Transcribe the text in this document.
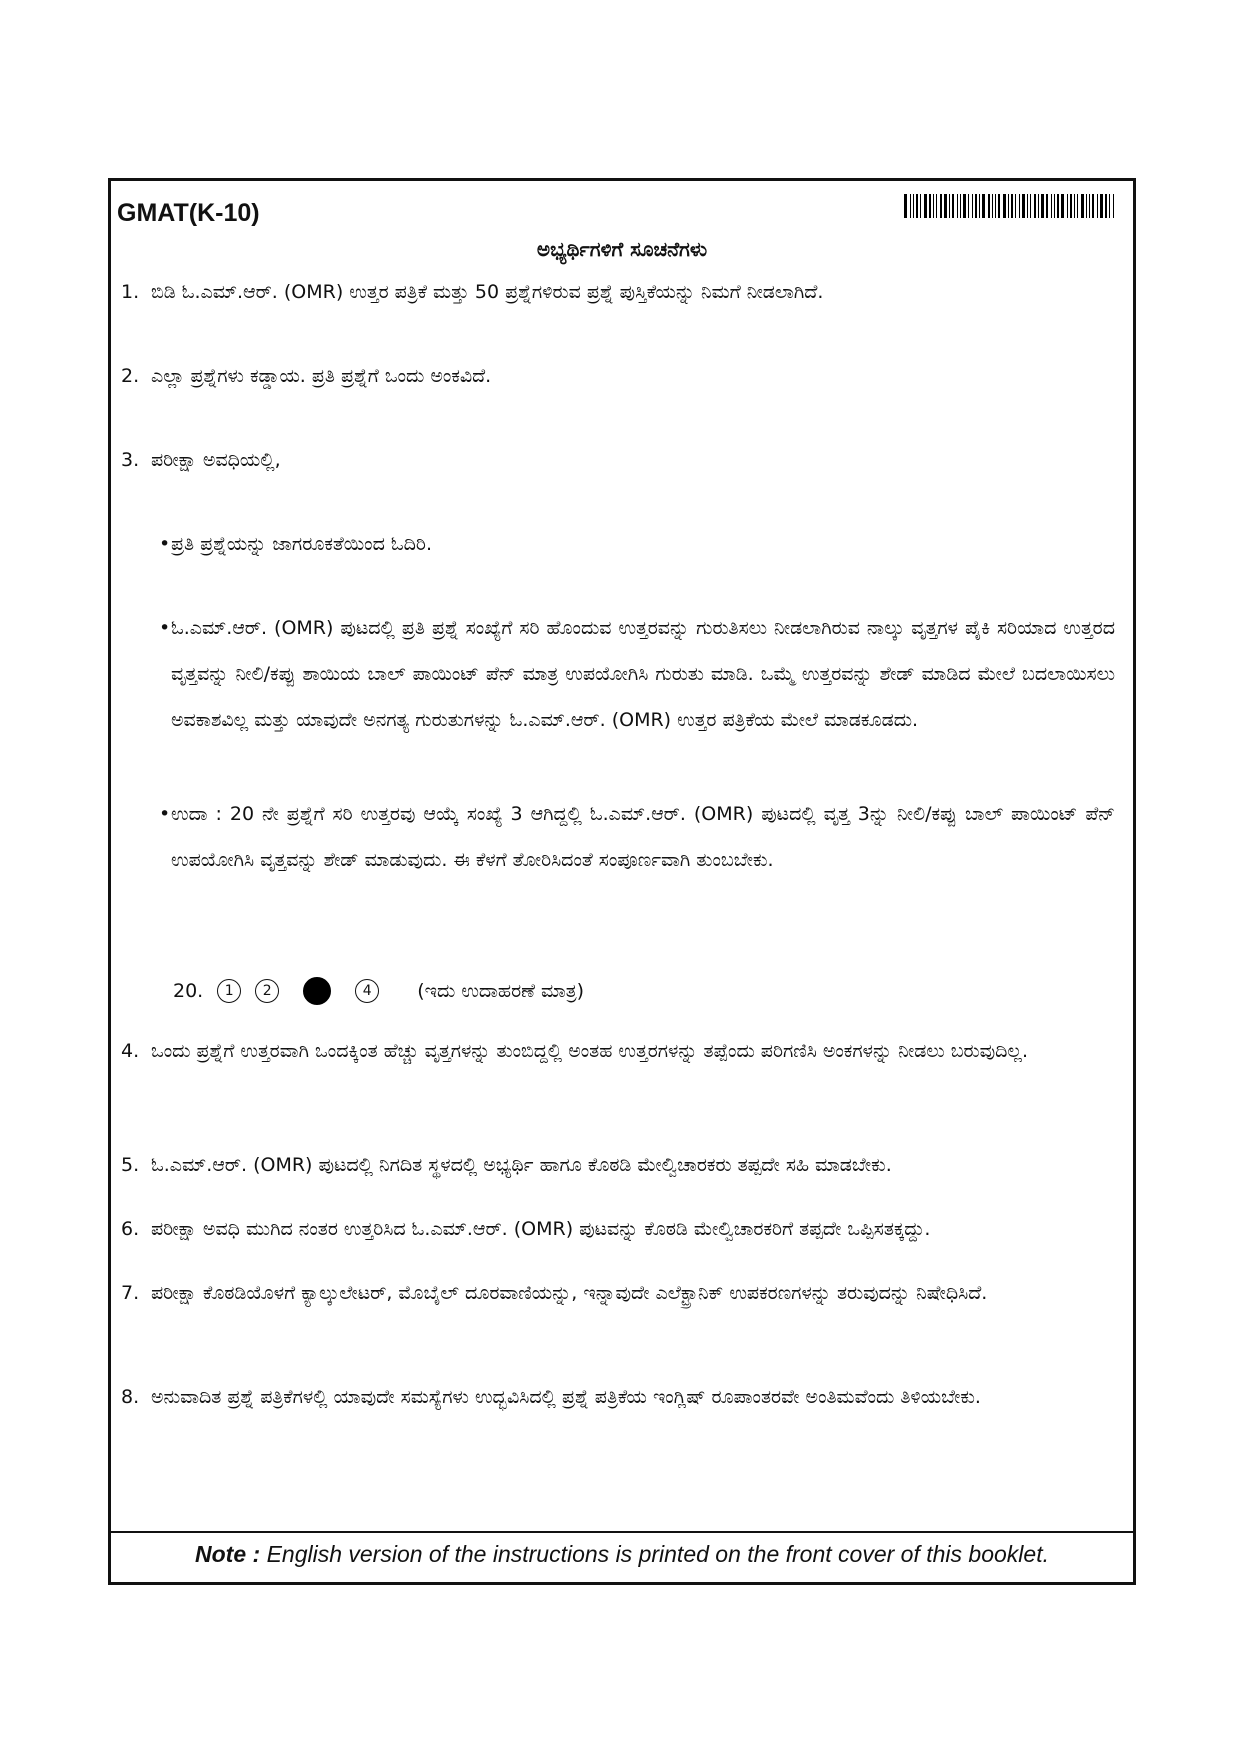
GMAT(K-10)
ಅಭ್ಯರ್ಥಿಗಳಿಗೆ ಸೂಚನೆಗಳು
1. ಬಿಡಿ ಓ.ಎಮ್.ಆರ್. (OMR) ಉತ್ತರ ಪತ್ರಿಕೆ ಮತ್ತು 50 ಪ್ರಶ್ನೆಗಳಿರುವ ಪ್ರಶ್ನೆ ಪುಸ್ತಿಕೆಯನ್ನು ನಿಮಗೆ ನೀಡಲಾಗಿದೆ.
2. ಎಲ್ಲಾ ಪ್ರಶ್ನೆಗಳು ಕಡ್ಡಾಯ. ಪ್ರತಿ ಪ್ರಶ್ನೆಗೆ ಒಂದು ಅಂಕವಿದೆ.
3. ಪರೀಕ್ಷಾ ಅವಧಿಯಲ್ಲಿ,
• ಪ್ರತಿ ಪ್ರಶ್ನೆಯನ್ನು ಜಾಗರೂಕತೆಯಿಂದ ಓದಿರಿ.
• ಓ.ಎಮ್.ಆರ್. (OMR) ಪುಟದಲ್ಲಿ ಪ್ರತಿ ಪ್ರಶ್ನೆ ಸಂಖ್ಯೆಗೆ ಸರಿ ಹೊಂದುವ ಉತ್ತರವನ್ನು ಗುರುತಿಸಲು ನೀಡಲಾಗಿರುವ ನಾಲ್ಕು ವೃತ್ತಗಳ ಪೈಕಿ ಸರಿಯಾದ ಉತ್ತರದ ವೃತ್ತವನ್ನು ನೀಲಿ/ಕಪ್ಪು ಶಾಯಿಯ ಬಾಲ್ ಪಾಯಿಂಟ್ ಪೆನ್ ಮಾತ್ರ ಉಪಯೋಗಿಸಿ ಗುರುತು ಮಾಡಿ. ಒಮ್ಮೆ ಉತ್ತರವನ್ನು ಶೇಡ್ ಮಾಡಿದ ಮೇಲೆ ಬದಲಾಯಿಸಲು ಅವಕಾಶವಿಲ್ಲ ಮತ್ತು ಯಾವುದೇ ಅನಗತ್ಯ ಗುರುತುಗಳನ್ನು ಓ.ಎಮ್.ಆರ್. (OMR) ಉತ್ತರ ಪತ್ರಿಕೆಯ ಮೇಲೆ ಮಾಡಕೂಡದು.
• ಉದಾ : 20 ನೇ ಪ್ರಶ್ನೆಗೆ ಸರಿ ಉತ್ತರವು ಆಯ್ಕೆ ಸಂಖ್ಯೆ 3 ಆಗಿದ್ದಲ್ಲಿ ಓ.ಎಮ್.ಆರ್. (OMR) ಪುಟದಲ್ಲಿ ವೃತ್ತ 3ನ್ನು ನೀಲಿ/ಕಪ್ಪು ಬಾಲ್ ಪಾಯಿಂಟ್ ಪೆನ್ ಉಪಯೋಗಿಸಿ ವೃತ್ತವನ್ನು ಶೇಡ್ ಮಾಡುವುದು. ಈ ಕೆಳಗೆ ತೋರಿಸಿದಂತೆ ಸಂಪೂರ್ಣವಾಗಿ ತುಂಬಬೇಕು.
20.	1	2	4	(ಇದು ಉದಾಹರಣೆ ಮಾತ್ರ)
4. ಒಂದು ಪ್ರಶ್ನೆಗೆ ಉತ್ತರವಾಗಿ ಒಂದಕ್ಕಿಂತ ಹೆಚ್ಚು ವೃತ್ತಗಳನ್ನು ತುಂಬಿದ್ದಲ್ಲಿ ಅಂತಹ ಉತ್ತರಗಳನ್ನು ತಪ್ಪೆಂದು ಪರಿಗಣಿಸಿ ಅಂಕಗಳನ್ನು ನೀಡಲು ಬರುವುದಿಲ್ಲ.
5. ಓ.ಎಮ್.ಆರ್. (OMR) ಪುಟದಲ್ಲಿ ನಿಗದಿತ ಸ್ಥಳದಲ್ಲಿ ಅಭ್ಯರ್ಥಿ ಹಾಗೂ ಕೊಠಡಿ ಮೇಲ್ವಿಚಾರಕರು ತಪ್ಪದೇ ಸಹಿ ಮಾಡಬೇಕು.
6. ಪರೀಕ್ಷಾ ಅವಧಿ ಮುಗಿದ ನಂತರ ಉತ್ತರಿಸಿದ ಓ.ಎಮ್.ಆರ್. (OMR) ಪುಟವನ್ನು ಕೊಠಡಿ ಮೇಲ್ವಿಚಾರಕರಿಗೆ ತಪ್ಪದೇ ಒಪ್ಪಿಸತಕ್ಕದ್ದು.
7. ಪರೀಕ್ಷಾ ಕೊಠಡಿಯೊಳಗೆ ಕ್ಯಾಲ್ಕುಲೇಟರ್, ಮೊಬೈಲ್ ದೂರವಾಣಿಯನ್ನು, ಇನ್ನಾವುದೇ ಎಲೆಕ್ಟ್ರಾನಿಕ್ ಉಪಕರಣಗಳನ್ನು ತರುವುದನ್ನು ನಿಷೇಧಿಸಿದೆ.
8. ಅನುವಾದಿತ ಪ್ರಶ್ನೆ ಪತ್ರಿಕೆಗಳಲ್ಲಿ ಯಾವುದೇ ಸಮಸ್ಯೆಗಳು ಉದ್ಭವಿಸಿದಲ್ಲಿ ಪ್ರಶ್ನೆ ಪತ್ರಿಕೆಯ ಇಂಗ್ಲಿಷ್ ರೂಪಾಂತರವೇ ಅಂತಿಮವೆಂದು ತಿಳಿಯಬೇಕು.
Note : English version of the instructions is printed on the front cover of this booklet.
